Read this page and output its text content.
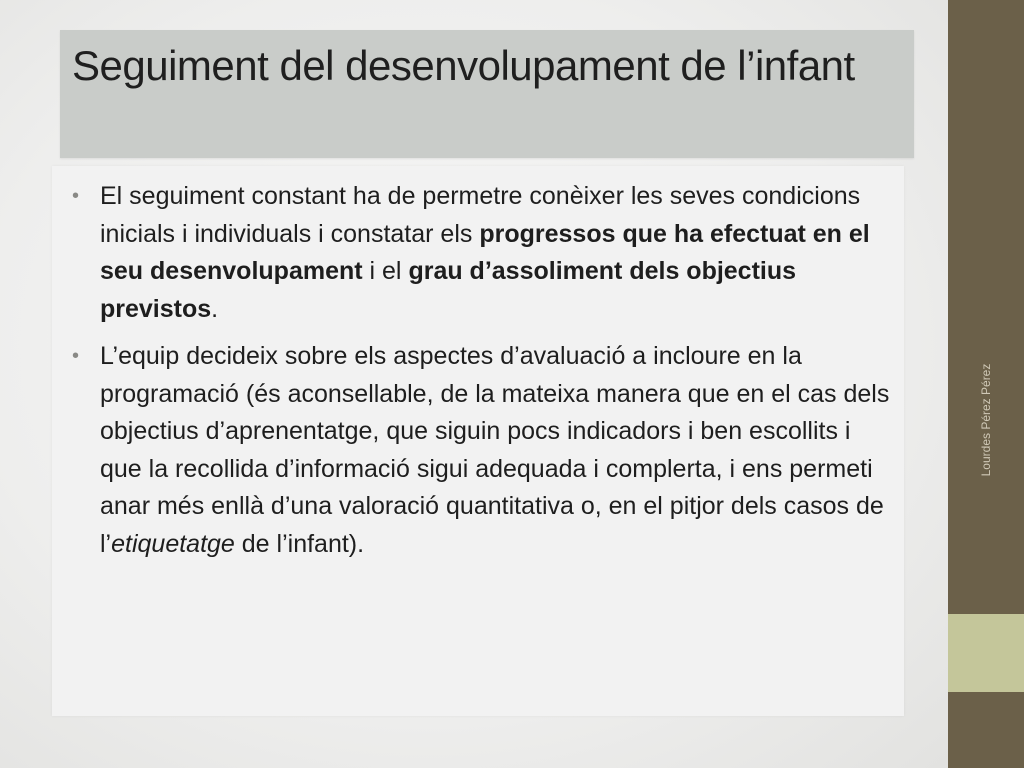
Seguiment del desenvolupament de l’infant
• El seguiment constant ha de permetre conèixer les seves condicions inicials i individuals i constatar els progressos que ha efectuat en el seu desenvolupament i el grau d’assoliment dels objectius previstos.
• L’equip decideix sobre els aspectes d’avaluació a incloure en la programació (és aconsellable, de la mateixa manera que en el cas dels objectius d’aprenentatge, que siguin pocs indicadors i ben escollits i que la recollida d’informació sigui adequada i complerta, i ens permeti anar més enllà d’una valoració quantitativa o, en el pitjor dels casos de l’etiquetatge de l’infant).
Lourdes Pérez Pérez
